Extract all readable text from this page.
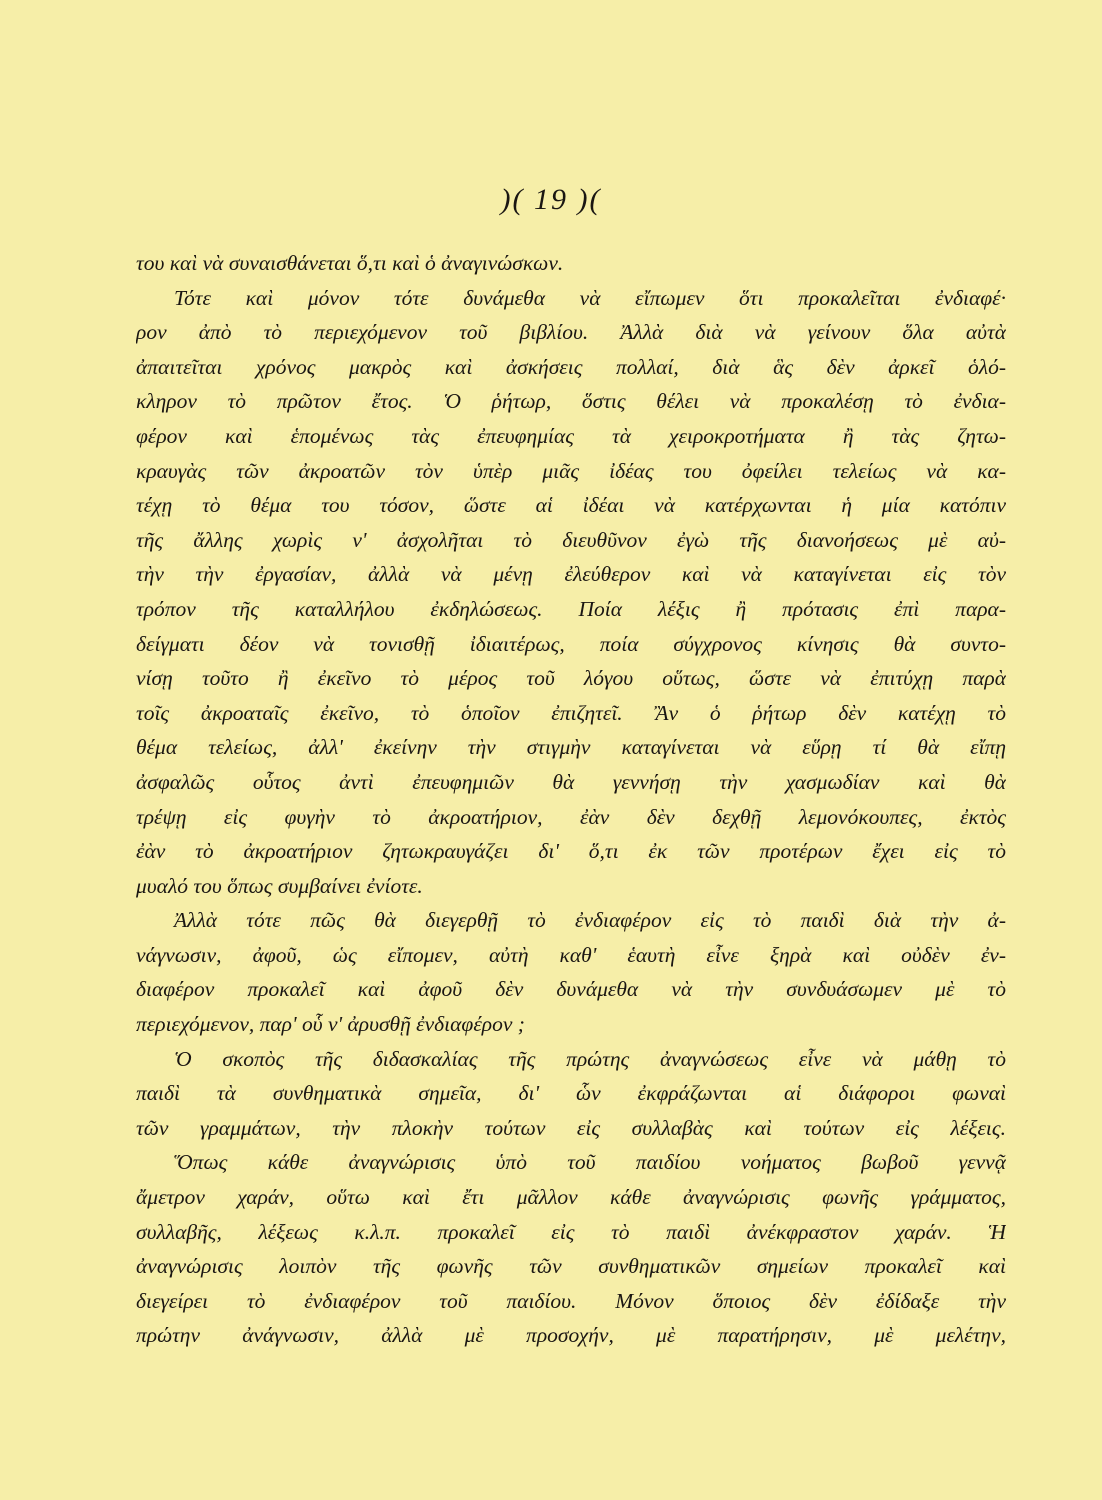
)( 19 )(
του καὶ νὰ συναισθάνεται ὅ,τι καὶ ὁ ἀναγινώσκων.
Τότε καὶ μόνον τότε δυνάμεθα νὰ εἴπωμεν ὅτι προκαλεῖται ἐνδιαφέ·
ρον ἀπὸ τὸ περιεχόμενον τοῦ βιβλίου. Ἀλλὰ διὰ νὰ γείνουν ὅλα αὐτὰ
ἀπαιτεῖται χρόνος μακρὸς καὶ ἀσκήσεις πολλαί, διὰ ἃς δὲν ἀρκεῖ ὁλό-
κληρον τὸ πρῶτον ἔτος. Ὁ ῥήτωρ, ὅστις θέλει νὰ προκαλέσῃ τὸ ἐνδια-
φέρον καὶ ἑπομένως τὰς ἐπευφημίας τὰ χειροκροτήματα ἢ τὰς ζητω-
κραυγὰς τῶν ἀκροατῶν τὸν ὑπὲρ μιᾶς ἰδέας του ὀφείλει τελείως νὰ κα-
τέχῃ τὸ θέμα του τόσον, ὥστε αἱ ἰδέαι νὰ κατέρχωνται ἡ μία κατόπιν
τῆς ἄλλης χωρὶς ν' ἀσχολῆται τὸ διευθῦνον ἐγὼ τῆς διανοήσεως μὲ αὐ-
τὴν τὴν ἐργασίαν, ἀλλὰ νὰ μένῃ ἐλεύθερον καὶ νὰ καταγίνεται εἰς τὸν
τρόπον τῆς καταλλήλου ἐκδηλώσεως. Ποία λέξις ἢ πρότασις ἐπὶ παρα-
δείγματι δέον νὰ τονισθῇ ἰδιαιτέρως, ποία σύγχρονος κίνησις θὰ συντο-
νίσῃ τοῦτο ἢ ἐκεῖνο τὸ μέρος τοῦ λόγου οὕτως, ὥστε νὰ ἐπιτύχῃ παρὰ
τοῖς ἀκροαταῖς ἐκεῖνο, τὸ ὁποῖον ἐπιζητεῖ. Ἂν ὁ ῥήτωρ δὲν κατέχῃ τὸ
θέμα τελείως, ἀλλ' ἐκείνην τὴν στιγμὴν καταγίνεται νὰ εὕρῃ τί θὰ εἴπῃ
ἀσφαλῶς οὗτος ἀντὶ ἐπευφημιῶν θὰ γεννήσῃ τὴν χασμωδίαν καὶ θὰ
τρέψῃ εἰς φυγὴν τὸ ἀκροατήριον, ἐὰν δὲν δεχθῇ λεμονόκουπες, ἐκτὸς
ἐὰν τὸ ἀκροατήριον ζητωκραυγάζει δι' ὅ,τι ἐκ τῶν προτέρων ἔχει εἰς τὸ
μυαλό του ὅπως συμβαίνει ἐνίοτε.
Ἀλλὰ τότε πῶς θὰ διεγερθῇ τὸ ἐνδιαφέρον εἰς τὸ παιδὶ διὰ τὴν ἀ-
νάγνωσιν, ἀφοῦ, ὡς εἴπομεν, αὐτὴ καθ' ἑαυτὴ εἶνε ξηρὰ καὶ οὐδὲν ἐν-
διαφέρον προκαλεῖ καὶ ἀφοῦ δὲν δυνάμεθα νὰ τὴν συνδυάσωμεν μὲ τὸ
περιεχόμενον, παρ' οὗ ν' ἀρυσθῇ ἐνδιαφέρον ;
Ὁ σκοπὸς τῆς διδασκαλίας τῆς πρώτης ἀναγνώσεως εἶνε νὰ μάθῃ τὸ
παιδὶ τὰ συνθηματικὰ σημεῖα, δι' ὧν ἐκφράζωνται αἱ διάφοροι φωναὶ
τῶν γραμμάτων, τὴν πλοκὴν τούτων εἰς συλλαβὰς καὶ τούτων εἰς λέξεις.
Ὅπως κάθε ἀναγνώρισις ὑπὸ τοῦ παιδίου νοήματος βωβοῦ γεννᾷ
ἄμετρον χαράν, οὕτω καὶ ἔτι μᾶλλον κάθε ἀναγνώρισις φωνῆς γράμματος,
συλλαβῆς, λέξεως κ.λ.π. προκαλεῖ εἰς τὸ παιδὶ ἀνέκφραστον χαράν. Ἡ
ἀναγνώρισις λοιπὸν τῆς φωνῆς τῶν συνθηματικῶν σημείων προκαλεῖ καὶ
διεγείρει τὸ ἐνδιαφέρον τοῦ παιδίου. Μόνον ὅποιος δὲν ἐδίδαξε τὴν
πρώτην ἀνάγνωσιν, ἀλλὰ μὲ προσοχήν, μὲ παρατήρησιν, μὲ μελέτην,
